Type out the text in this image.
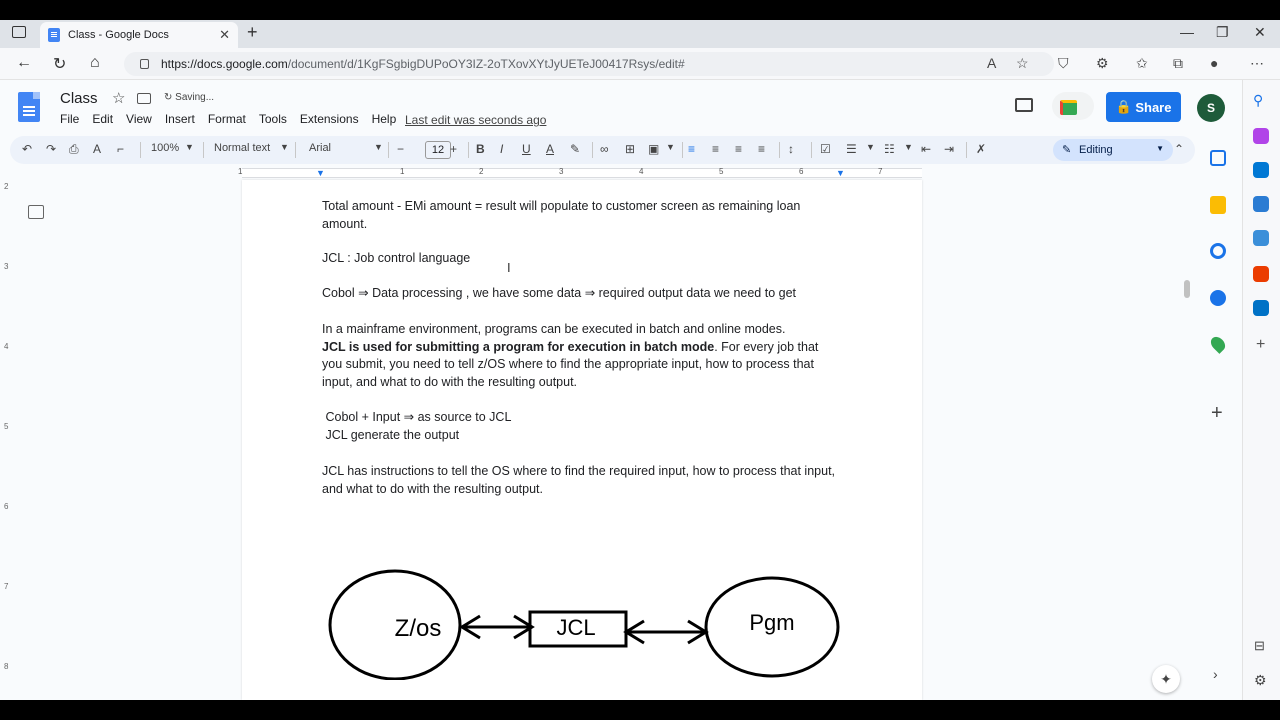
Class - Google Docs	✕ +	— ❐ ✕
← ↻ ⌂	https://docs.google.com /document/d/1KgFSgbigDUPoOY3IZ-2oTXovXYtJyUETeJ00417Rsys/edit#	A ☆ ⛉ ⚙ ✩ ⧉ ● ⋯
Class ☆	↻ Saving...
File Edit View Insert Format Tools Extensions Help Last edit was seconds ago
🔒 Share	S
↶ ↷ ⎙ A ⌐ 100% ▼ Normal text ▼ Arial	▼ −	12 + B I U A ✎ ∞ ⊞ ▣ ▼ ≡ ≡ ≡ ≡ ↕ ☑ ☰ ▼ ☷ ▼ ⇤ ⇥ ✗	✎ Editing	▼ ⌃
1	1	2	3	4	5	6	7
▼	▼
2
3
4
5
6
7
8
Total amount - EMi amount = result will populate to customer screen as remaining loan amount.
JCL : Job control language
I
Cobol ⇒ Data processing , we have some data ⇒ required output data we need to get
In a mainframe environment, programs can be executed in batch and online modes.
JCL is used for submitting a program for execution in batch mode. For every job that you submit, you need to tell z/OS where to find the appropriate input, how to process that input, and what to do with the resulting output.
Cobol + Input ⇒ as source to JCL
JCL generate the output
JCL has instructions to tell the OS where to find the required input, how to process that input, and what to do with the resulting output.
Z/os	JCL	Pgm
✦
⚲
+
⊟
⚙
+
›
